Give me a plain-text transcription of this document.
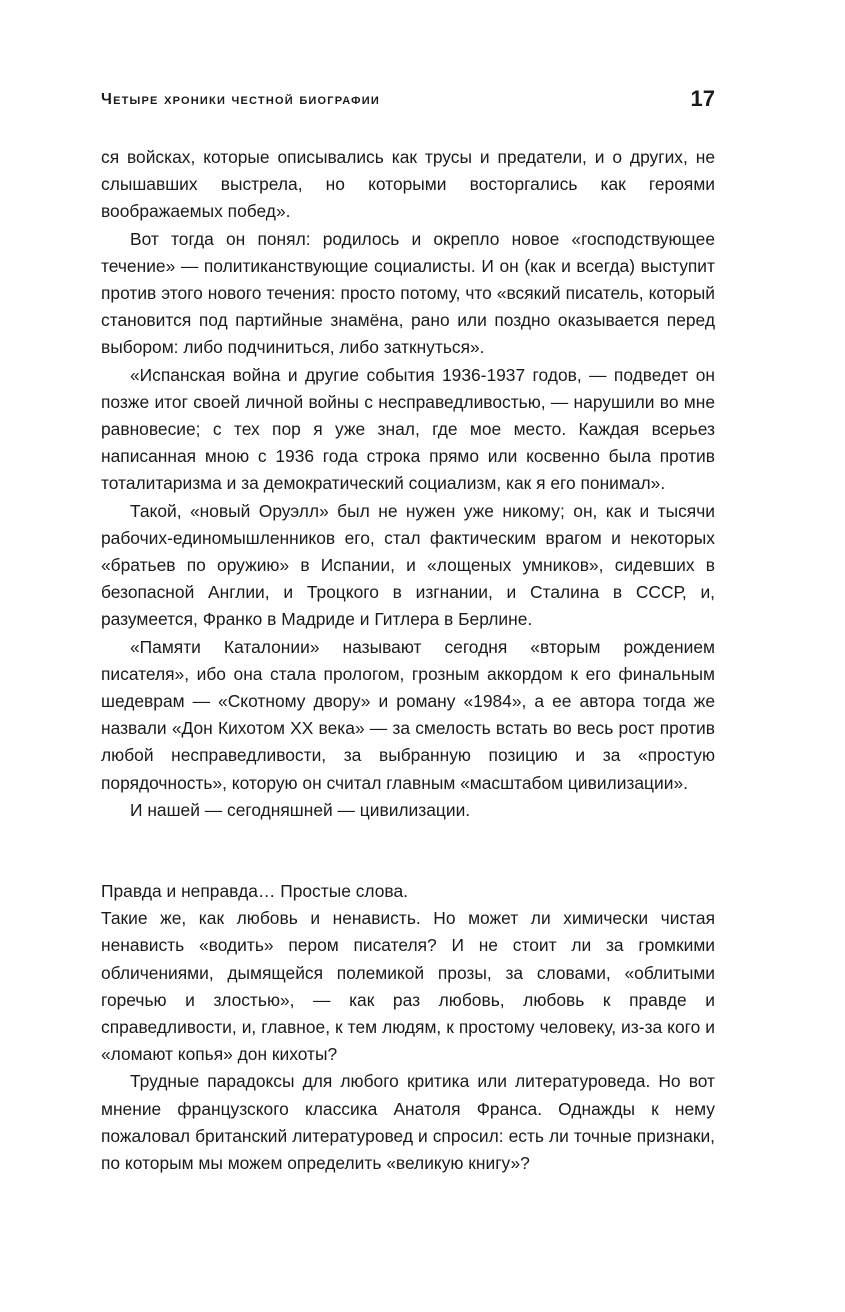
Четыре хроники честной биографии	17

ся войсках, которые описывались как трусы и предатели, и о других, не слышавших выстрела, но которыми восторгались как героями воображаемых побед».

Вот тогда он понял: родилось и окрепло новое «господствующее течение» — политиканствующие социалисты. И он (как и всегда) выступит против этого нового течения: просто потому, что «всякий писатель, который становится под партийные знамёна, рано или поздно оказывается перед выбором: либо подчиниться, либо заткнуться».

«Испанская война и другие события 1936-1937 годов, — подведет он позже итог своей личной войны с несправедливостью, — нарушили во мне равновесие; с тех пор я уже знал, где мое место. Каждая всерьез написанная мною с 1936 года строка прямо или косвенно была против тоталитаризма и за демократический социализм, как я его понимал».

Такой, «новый Оруэлл» был не нужен уже никому; он, как и тысячи рабочих-единомышленников его, стал фактическим врагом и некоторых «братьев по оружию» в Испании, и «лощеных умников», сидевших в безопасной Англии, и Троцкого в изгнании, и Сталина в СССР, и, разумеется, Франко в Мадриде и Гитлера в Берлине.

«Памяти Каталонии» называют сегодня «вторым рождением писателя», ибо она стала прологом, грозным аккордом к его финальным шедеврам — «Скотному двору» и роману «1984», а ее автора тогда же назвали «Дон Кихотом XX века» — за смелость встать во весь рост против любой несправедливости, за выбранную позицию и за «простую порядочность», которую он считал главным «масштабом цивилизации».

И нашей — сегодняшней — цивилизации.

Правда и неправда… Простые слова.

Такие же, как любовь и ненависть. Но может ли химически чистая ненависть «водить» пером писателя? И не стоит ли за громкими обличениями, дымящейся полемикой прозы, за словами, «облитыми горечью и злостью», — как раз любовь, любовь к правде и справедливости, и, главное, к тем людям, к простому человеку, из-за кого и «ломают копья» дон кихоты?

Трудные парадоксы для любого критика или литературоведа. Но вот мнение французского классика Анатоля Франса. Однажды к нему пожаловал британский литературовед и спросил: есть ли точные признаки, по которым мы можем определить «великую книгу»?
